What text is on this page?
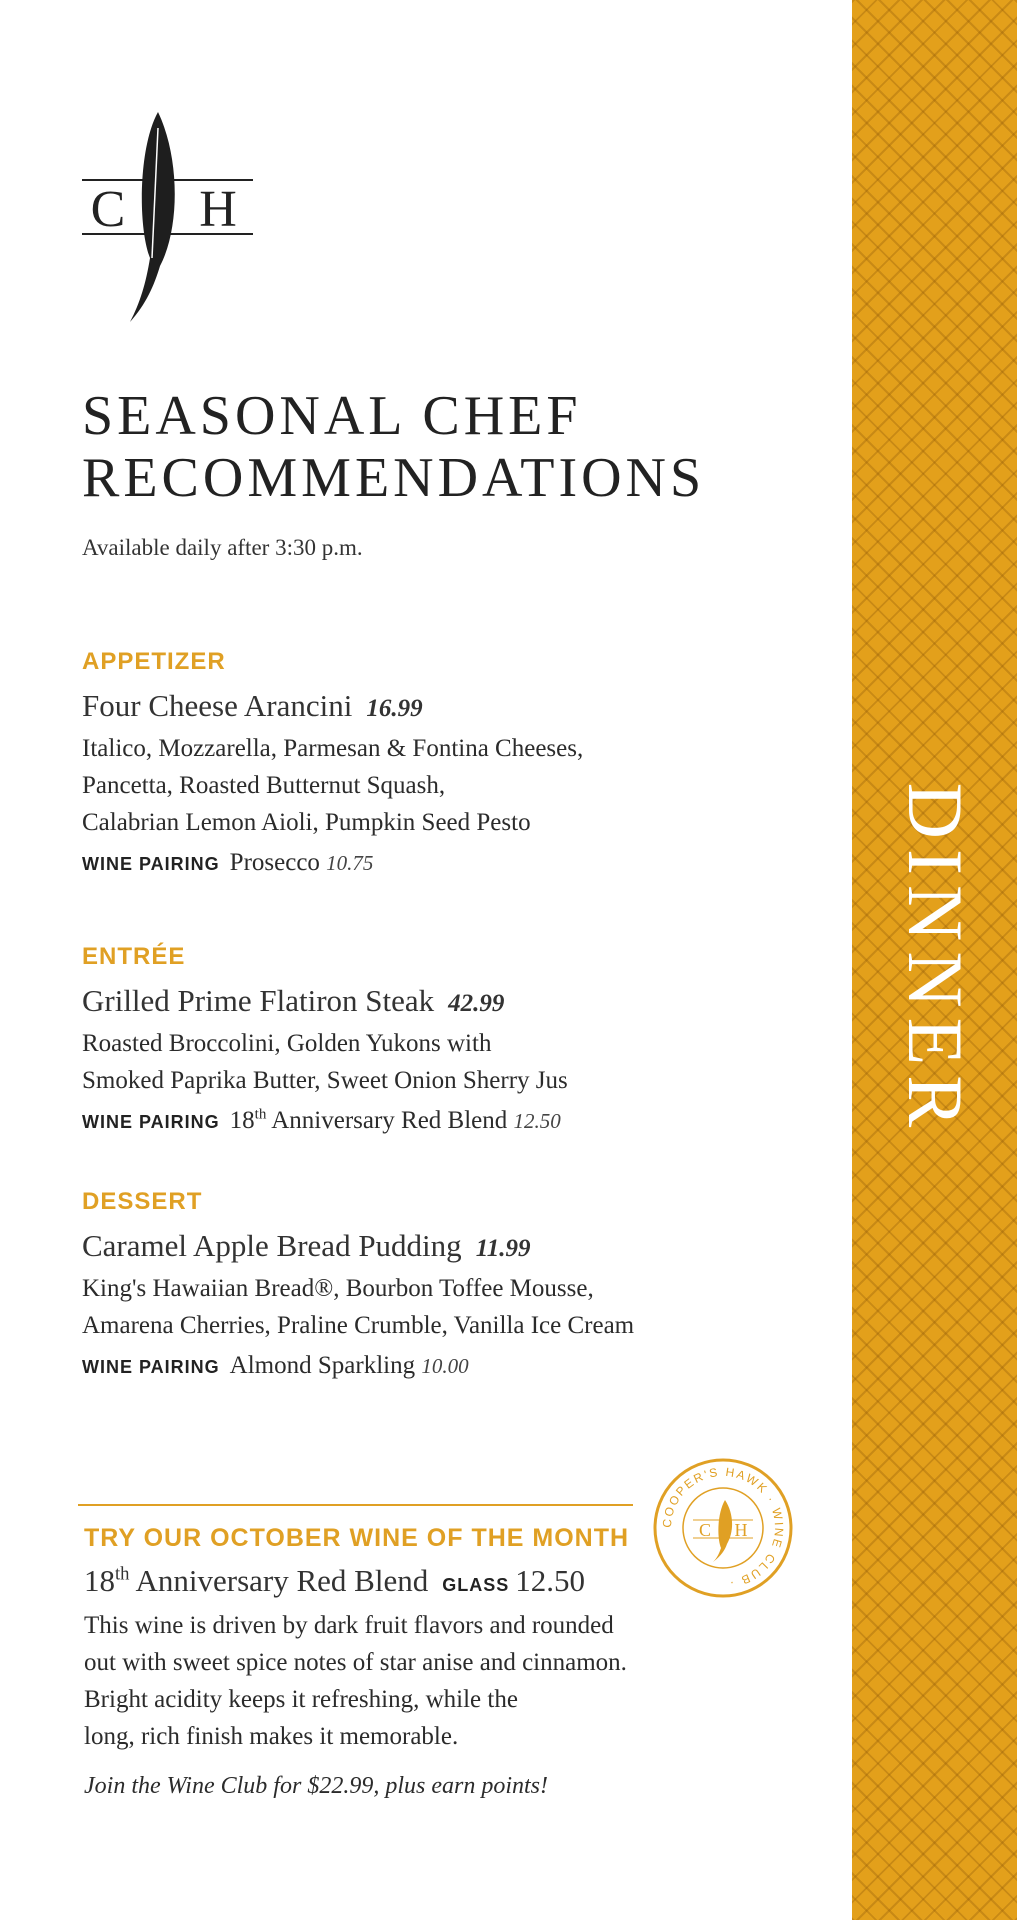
C H
SEASONAL CHEF
RECOMMENDATIONS
Available daily after 3:30 p.m.
APPETIZER
Four Cheese Arancini 16.99
Italico, Mozzarella, Parmesan & Fontina Cheeses,
Pancetta, Roasted Butternut Squash,
Calabrian Lemon Aioli, Pumpkin Seed Pesto
WINE PAIRING Prosecco 10.75
ENTRÉE
Grilled Prime Flatiron Steak 42.99
Roasted Broccolini, Golden Yukons with
Smoked Paprika Butter, Sweet Onion Sherry Jus
WINE PAIRING 18th Anniversary Red Blend 12.50
DESSERT
Caramel Apple Bread Pudding 11.99
King's Hawaiian Bread®, Bourbon Toffee Mousse,
Amarena Cherries, Praline Crumble, Vanilla Ice Cream
WINE PAIRING Almond Sparkling 10.00
COOPER'S HAWK · WINE CLUB ·
C H
TRY OUR OCTOBER WINE OF THE MONTH
18th Anniversary Red Blend GLASS 12.50
This wine is driven by dark fruit flavors and rounded
out with sweet spice notes of star anise and cinnamon.
Bright acidity keeps it refreshing, while the
long, rich finish makes it memorable.
Join the Wine Club for $22.99, plus earn points!
DINNER
